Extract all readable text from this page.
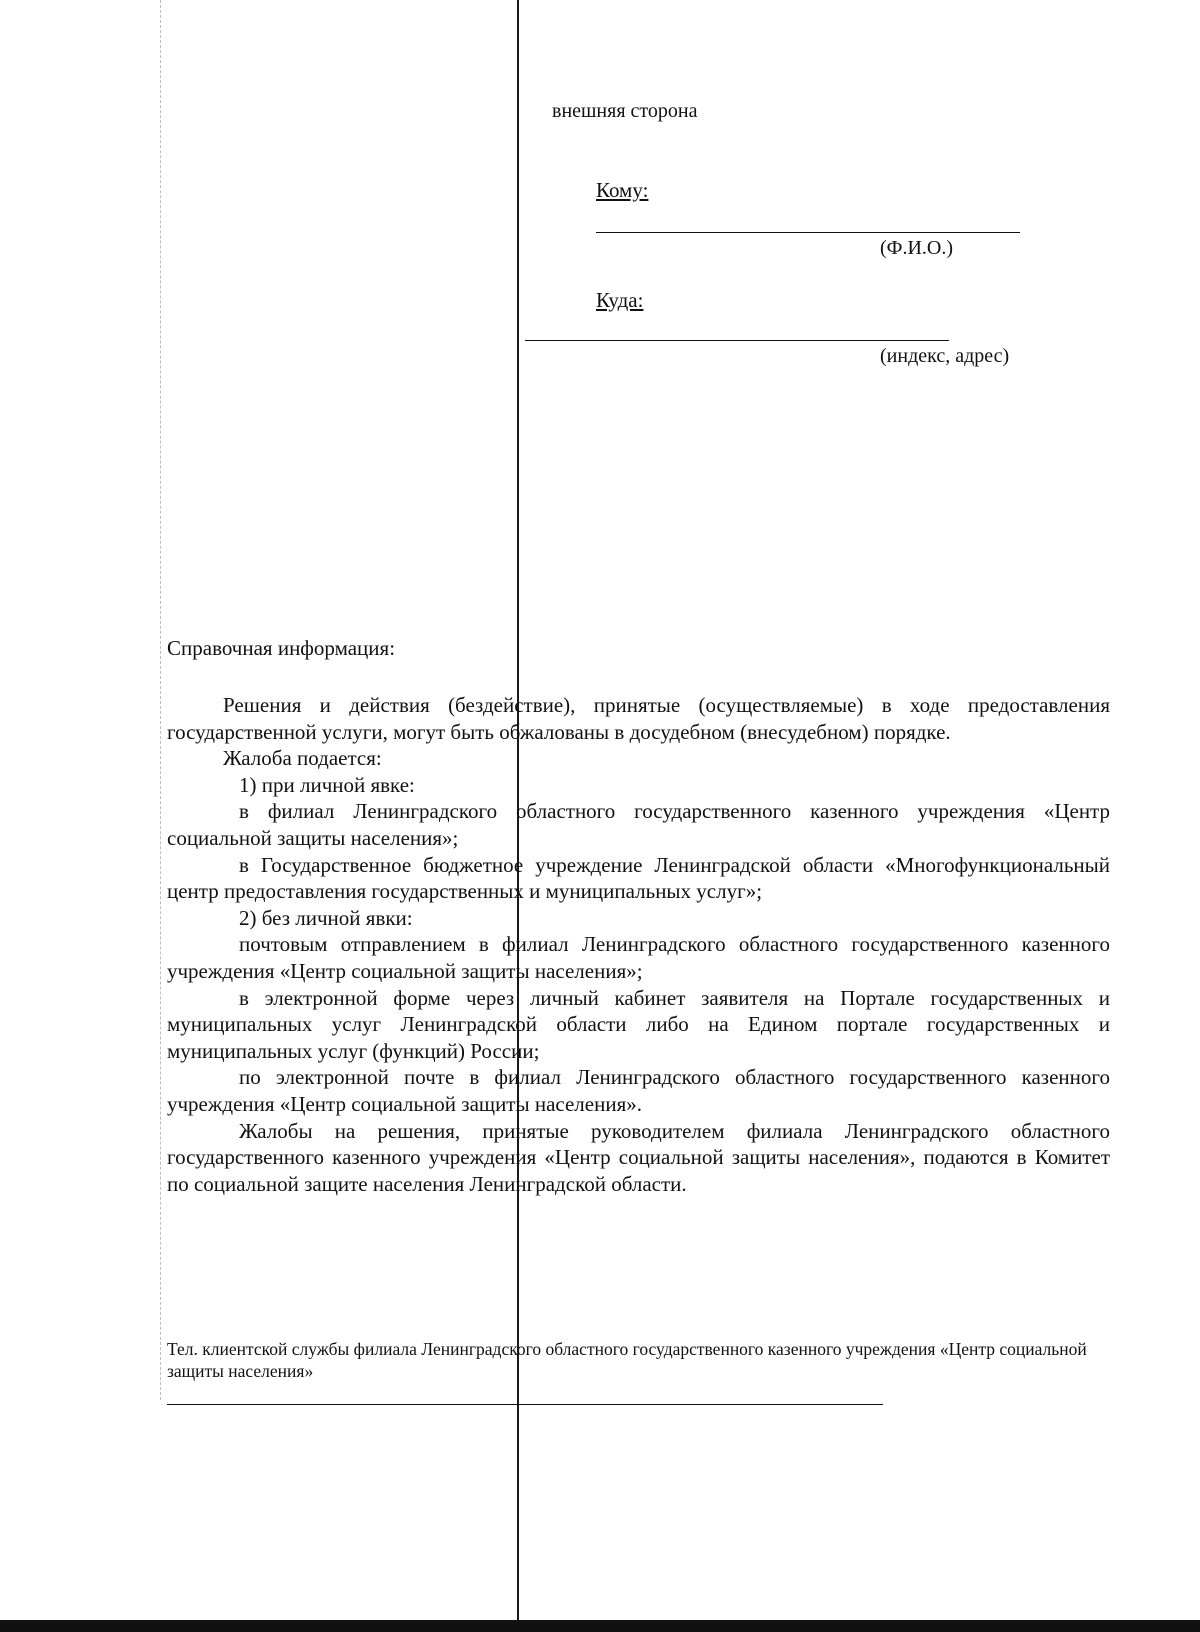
внешняя сторона
Кому:
(Ф.И.О.)
Куда:
(индекс, адрес)
Справочная информация:

Решения и действия (бездействие), принятые (осуществляемые) в ходе предоставления государственной услуги, могут быть обжалованы в досудебном (внесудебном) порядке.

Жалоба подается:

1) при личной явке:

в филиал Ленинградского областного государственного казенного учреждения «Центр социальной защиты населения»;

в Государственное бюджетное учреждение Ленинградской области «Многофункциональный центр предоставления государственных и муниципальных услуг»;

2) без личной явки:

почтовым отправлением в филиал Ленинградского областного государственного казенного учреждения «Центр социальной защиты населения»;

в электронной форме через личный кабинет заявителя на Портале государственных и муниципальных услуг Ленинградской области либо на Едином портале государственных и муниципальных услуг (функций) России;

по электронной почте в филиал Ленинградского областного государственного казенного учреждения «Центр социальной защиты населения».

Жалобы на решения, принятые руководителем филиала Ленинградского областного государственного казенного учреждения «Центр социальной защиты населения», подаются в Комитет по социальной защите населения Ленинградской области.

Тел. клиентской службы филиала Ленинградского областного государственного казенного учреждения «Центр социальной защиты населения»
